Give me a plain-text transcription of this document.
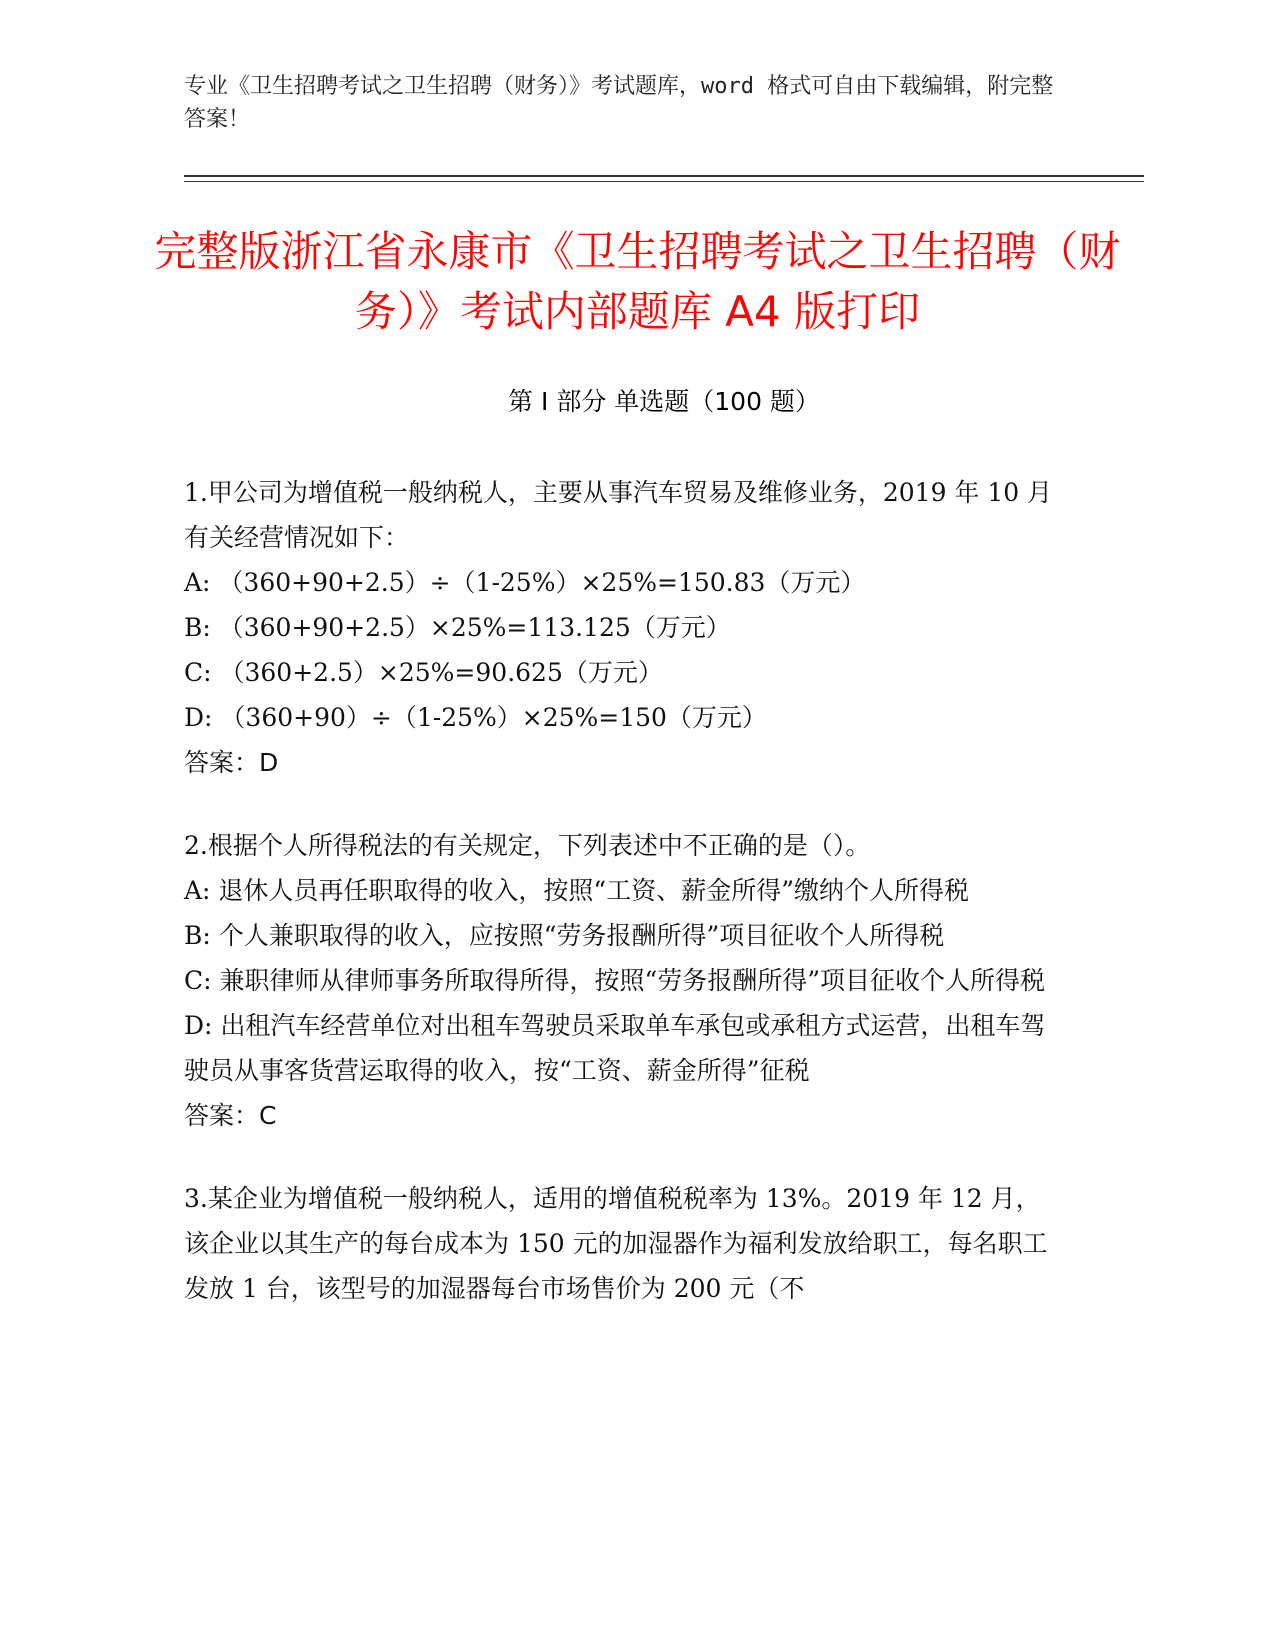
专业《卫生招聘考试之卫生招聘（财务）》考试题库，word 格式可自由下载编辑，附完整答案！
完整版浙江省永康市《卫生招聘考试之卫生招聘（财务）》考试内部题库 A4 版打印
第 I 部分 单选题（100 题）

1.甲公司为增值税一般纳税人，主要从事汽车贸易及维修业务，2019 年 10 月有关经营情况如下：

A: （360+90+2.5）÷（1-25%）×25%=150.83（万元）

B: （360+90+2.5）×25%=113.125（万元）

C: （360+2.5）×25%=90.625（万元）

D: （360+90）÷（1-25%）×25%=150（万元）

答案：D

2.根据个人所得税法的有关规定，下列表述中不正确的是（）。

A: 退休人员再任职取得的收入，按照“工资、薪金所得”缴纳个人所得税

B: 个人兼职取得的收入，应按照“劳务报酬所得”项目征收个人所得税

C: 兼职律师从律师事务所取得所得，按照“劳务报酬所得”项目征收个人所得税

D: 出租汽车经营单位对出租车驾驶员采取单车承包或承租方式运营，出租车驾驶员从事客货营运取得的收入，按“工资、薪金所得”征税

答案：C

3.某企业为增值税一般纳税人，适用的增值税税率为 13%。2019 年 12 月，该企业以其生产的每台成本为 150 元的加湿器作为福利发放给职工，每名职工发放 1 台，该型号的加湿器每台市场售价为 200 元（不
